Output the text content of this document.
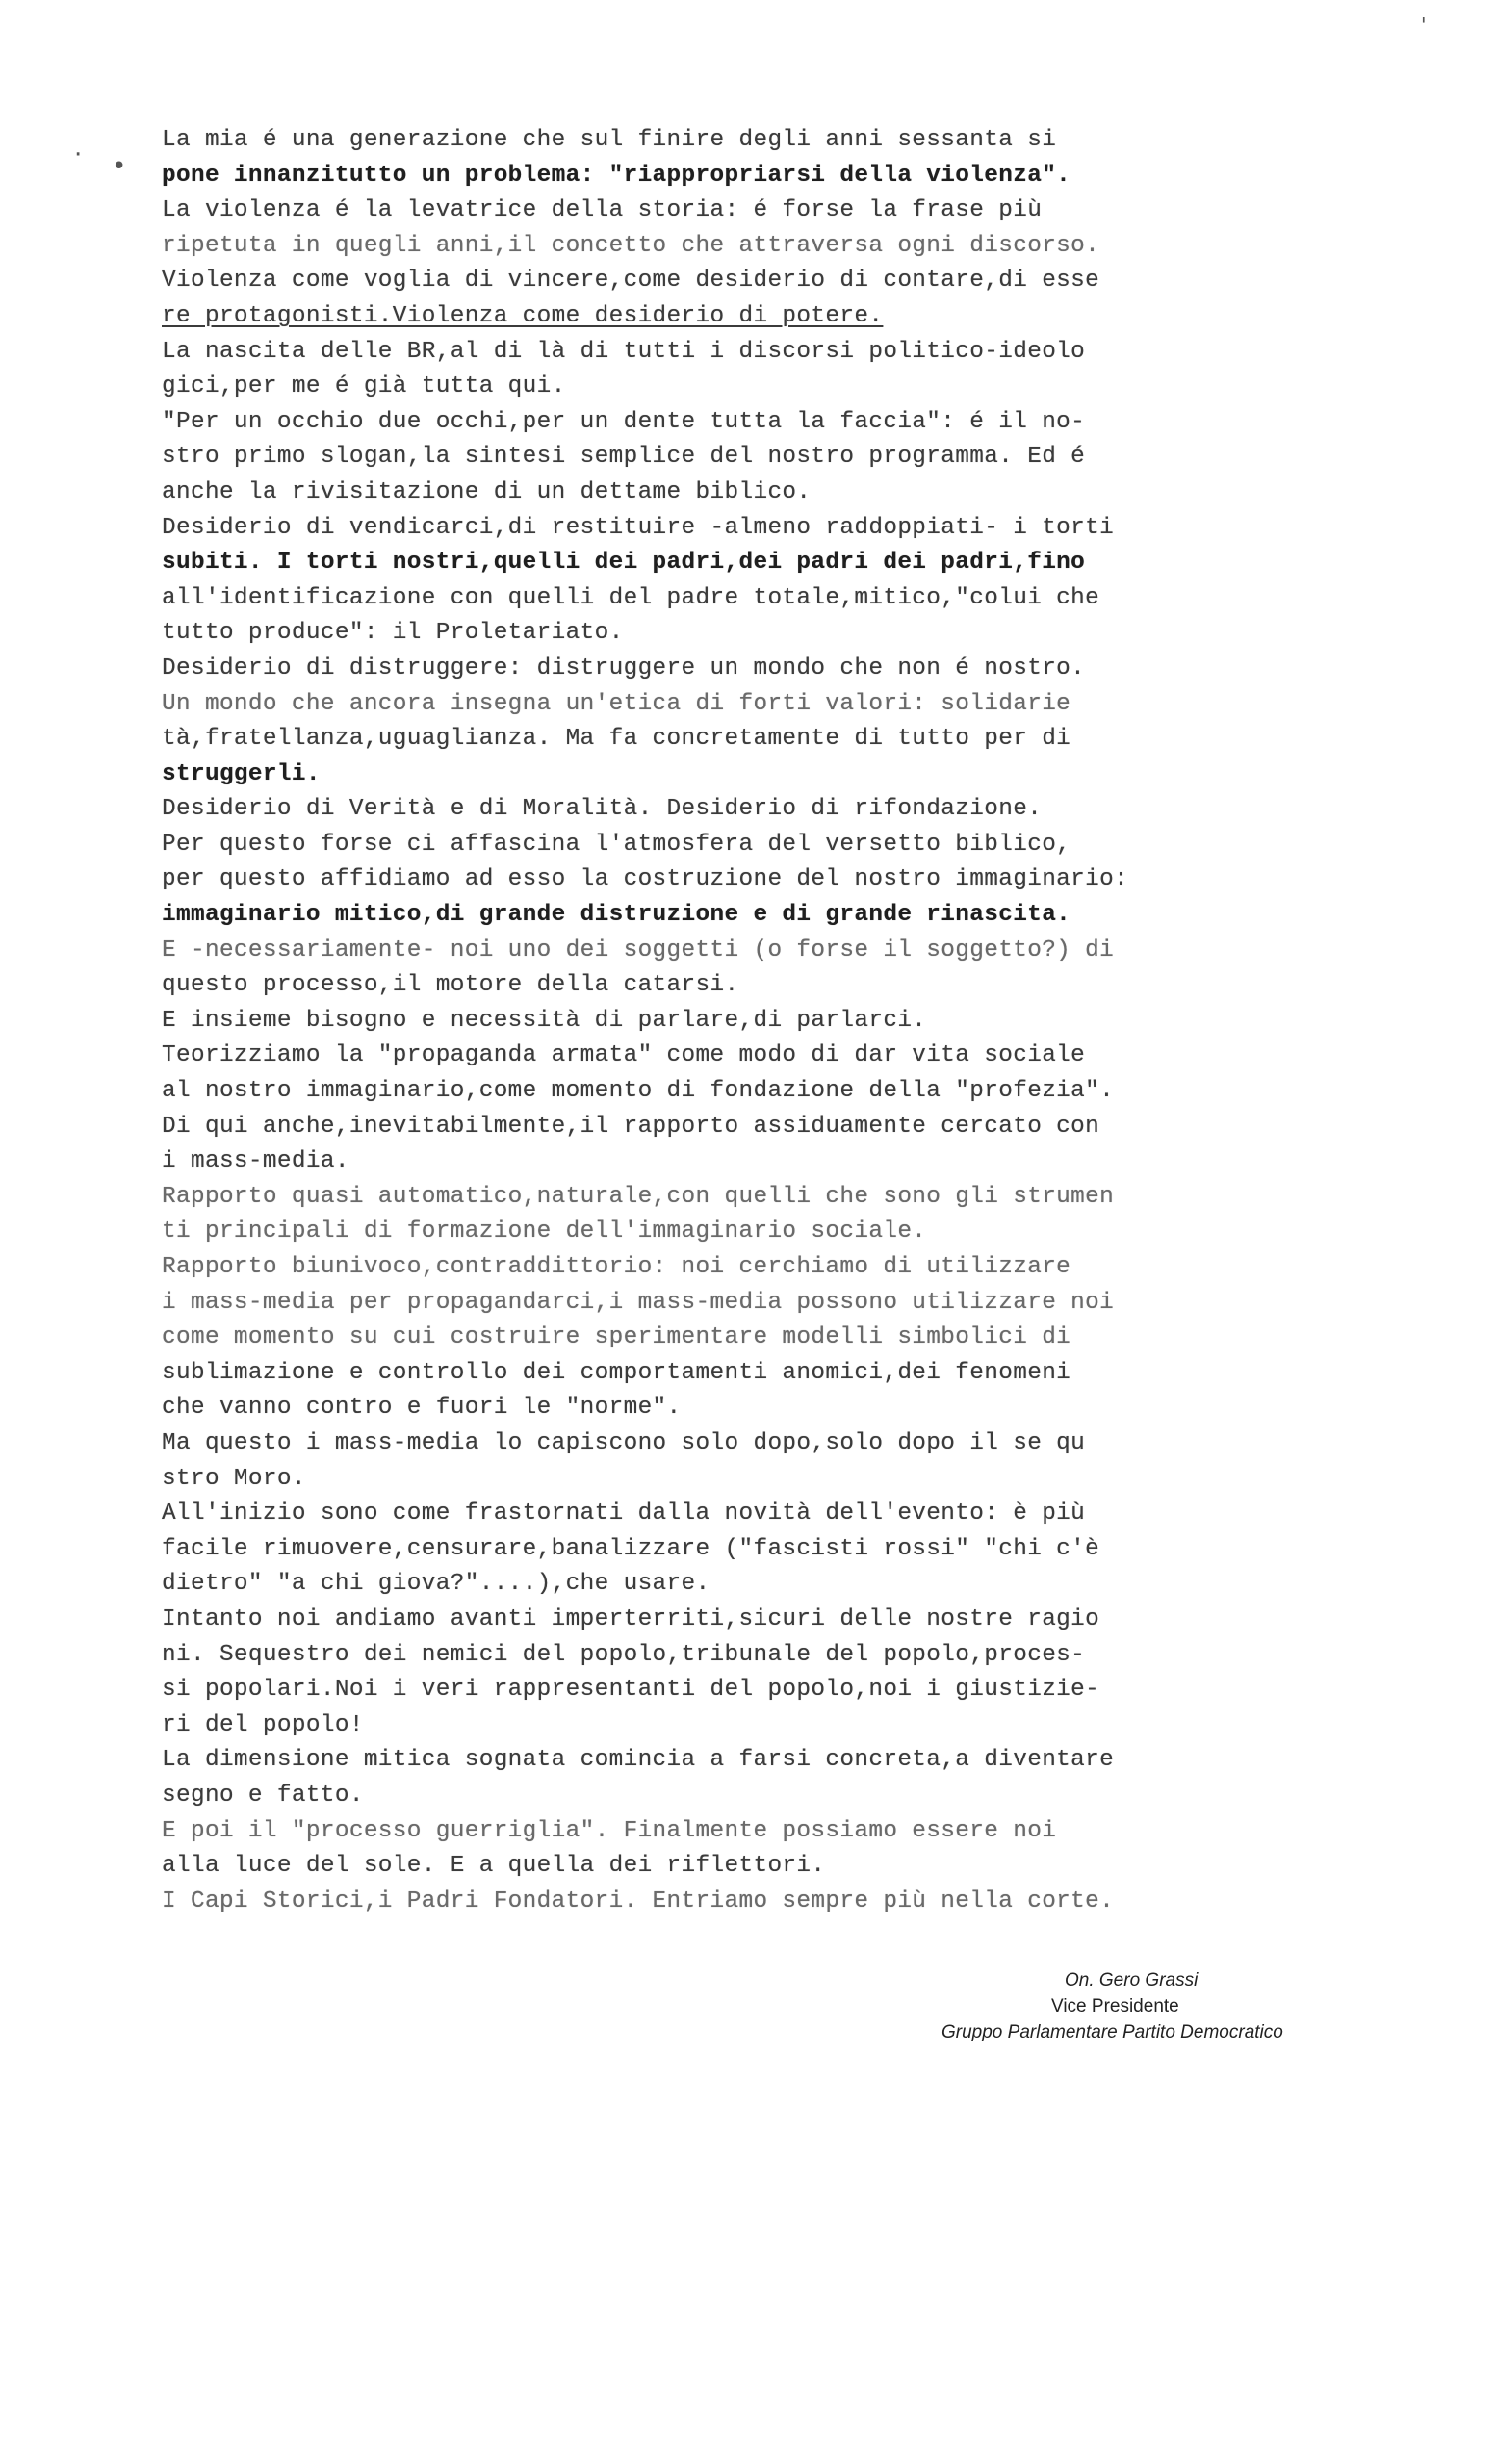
· •
'
La mia é una generazione che sul finire degli anni sessanta si
pone innanzitutto un problema: "riappropriarsi della violenza".
La violenza é la levatrice della storia: é forse la frase più
ripetuta in quegli anni,il concetto che attraversa ogni discorso.
Violenza come voglia di vincere,come desiderio di contare,di esse
re protagonisti.Violenza come desiderio di potere.
La nascita delle BR,al di là di tutti i discorsi politico-ideolo
gici,per me é già tutta qui.
"Per un occhio due occhi,per un dente tutta la faccia": é il no-
stro primo slogan,la sintesi semplice del nostro programma. Ed é
anche la rivisitazione di un dettame biblico.
Desiderio di vendicarci,di restituire -almeno raddoppiati- i torti
subiti. I torti nostri,quelli dei padri,dei padri dei padri,fino
all'identificazione con quelli del padre totale,mitico,"colui che
tutto produce": il Proletariato.
Desiderio di distruggere: distruggere un mondo che non é nostro.
Un mondo che ancora insegna un'etica di forti valori: solidarie
tà,fratellanza,uguaglianza. Ma fa concretamente di tutto per di
struggerli.
Desiderio di Verità e di Moralità. Desiderio di rifondazione.
Per questo forse ci affascina l'atmosfera del versetto biblico,
per questo affidiamo ad esso la costruzione del nostro immaginario:
immaginario mitico,di grande distruzione e di grande rinascita.
E -necessariamente- noi uno dei soggetti (o forse il soggetto?) di
questo processo,il motore della catarsi.
E insieme bisogno e necessità di parlare,di parlarci.
Teorizziamo la "propaganda armata" come modo di dar vita sociale
al nostro immaginario,come momento di fondazione della "profezia".
Di qui anche,inevitabilmente,il rapporto assiduamente cercato con
i mass-media.
Rapporto quasi automatico,naturale,con quelli che sono gli strumen
ti principali di formazione dell'immaginario sociale.
Rapporto biunivoco,contraddittorio: noi cerchiamo di utilizzare
i mass-media per propagandarci,i mass-media possono utilizzare noi
come momento su cui costruire sperimentare modelli simbolici di
sublimazione e controllo dei comportamenti anomici,dei fenomeni
che vanno contro e fuori le "norme".
Ma questo i mass-media lo capiscono solo dopo,solo dopo il se qu
stro Moro.
All'inizio sono come frastornati dalla novità dell'evento: è più
facile rimuovere,censurare,banalizzare ("fascisti rossi" "chi c'è
dietro" "a chi giova?"....),che usare.
Intanto noi andiamo avanti imperterriti,sicuri delle nostre ragio
ni. Sequestro dei nemici del popolo,tribunale del popolo,proces-
si popolari.Noi i veri rappresentanti del popolo,noi i giustizie-
ri del popolo!
La dimensione mitica sognata comincia a farsi concreta,a diventare
segno e fatto.
E poi il "processo guerriglia". Finalmente possiamo essere noi
alla luce del sole. E a quella dei riflettori.
I Capi Storici,i Padri Fondatori. Entriamo sempre più nella corte.
On. Gero Grassi
Vice Presidente
Gruppo Parlamentare Partito Democratico
